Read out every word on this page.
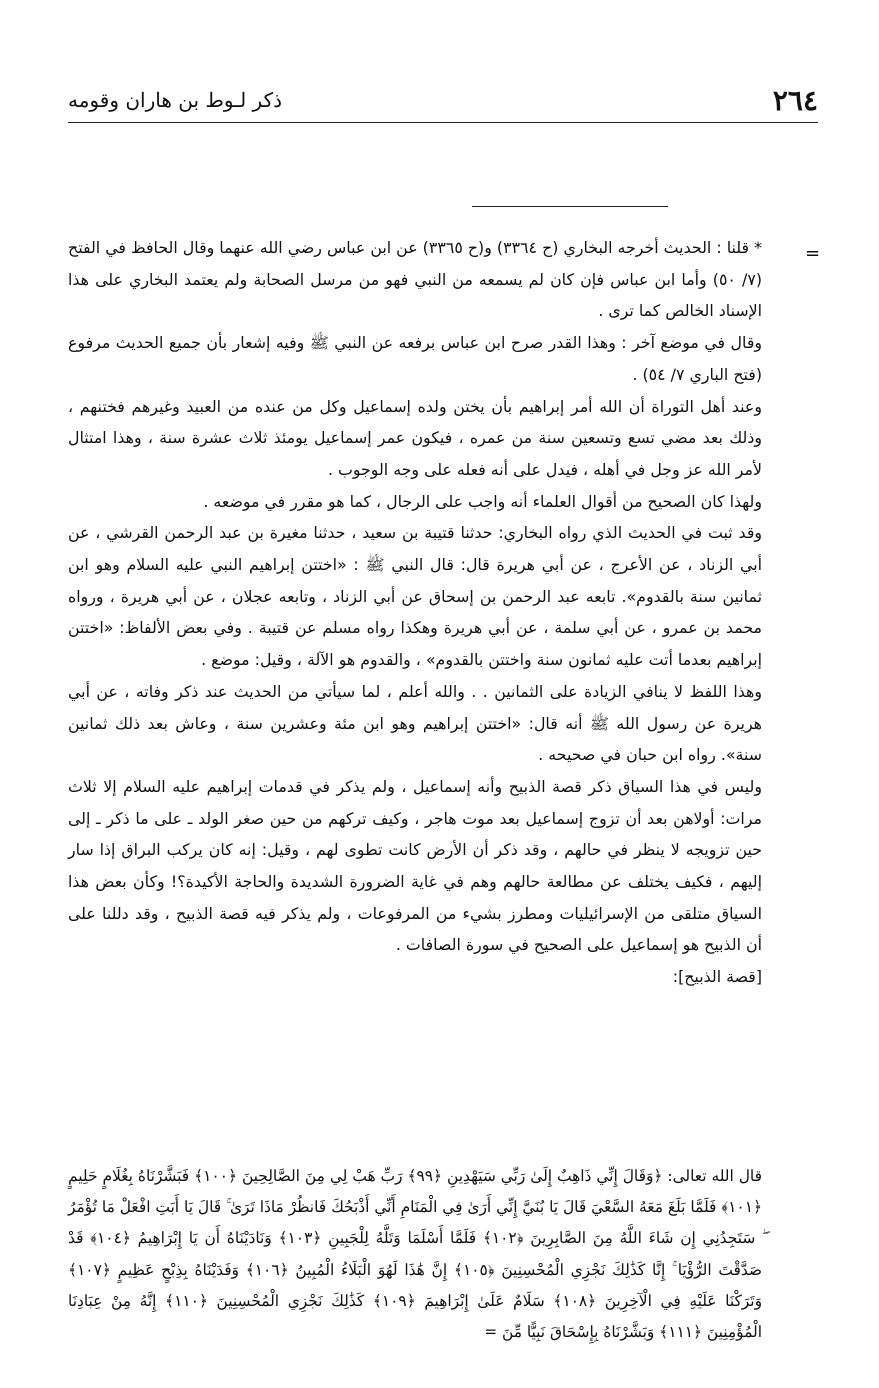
٢٦٤
ذكر لـوط بن هاران وقومه
=

* قلنا : الحديث أخرجه البخاري (ح ٣٣٦٤) و(ح ٣٣٦٥) عن ابن عباس رضي الله عنهما وقال الحافظ في الفتح (٧/ ٥٠) وأما ابن عباس فإن كان لم يسمعه من النبي فهو من مرسل الصحابة ولم يعتمد البخاري على هذا الإسناد الخالص كما ترى .

وقال في موضع آخر : وهذا القدر صرح ابن عباس برفعه عن النبي ﷺ وفيه إشعار بأن جميع الحديث مرفوع (فتح الباري ٧/ ٥٤) .

وعند أهل التوراة أن الله أمر إبراهيم بأن يختن ولده إسماعيل وكل من عنده من العبيد وغيرهم فختنهم ، وذلك بعد مضي تسع وتسعين سنة من عمره ، فيكون عمر إسماعيل يومئذ ثلاث عشرة سنة ، وهذا امتثال لأمر الله عز وجل في أهله ، فيدل على أنه فعله على وجه الوجوب .

ولهذا كان الصحيح من أقوال العلماء أنه واجب على الرجال ، كما هو مقرر في موضعه .

وقد ثبت في الحديث الذي رواه البخاري: حدثنا قتيبة بن سعيد ، حدثنا مغيرة بن عبد الرحمن القرشي ، عن أبي الزناد ، عن الأعرج ، عن أبي هريرة قال: قال النبي ﷺ : «اختتن إبراهيم النبي عليه السلام وهو ابن ثمانين سنة بالقدوم». تابعه عبد الرحمن بن إسحاق عن أبي الزناد ، وتابعه عجلان ، عن أبي هريرة ، ورواه محمد بن عمرو ، عن أبي سلمة ، عن أبي هريرة وهكذا رواه مسلم عن قتيبة . وفي بعض الألفاظ: «اختتن إبراهيم بعدما أتت عليه ثمانون سنة واختتن بالقدوم» ، والقدوم هو الآلة ، وقيل: موضع .

وهذا اللفظ لا ينافي الزيادة على الثمانين . . والله أعلم ، لما سيأتي من الحديث عند ذكر وفاته ، عن أبي هريرة عن رسول الله ﷺ أنه قال: «اختتن إبراهيم وهو ابن مئة وعشرين سنة ، وعاش بعد ذلك ثمانين سنة». رواه ابن حبان في صحيحه .

وليس في هذا السياق ذكر قصة الذبيح وأنه إسماعيل ، ولم يذكر في قدمات إبراهيم عليه السلام إلا ثلاث مرات: أولاهن بعد أن تزوج إسماعيل بعد موت هاجر ، وكيف تركهم من حين صغر الولد ـ على ما ذكر ـ إلى حين تزويجه لا ينظر في حالهم ، وقد ذكر أن الأرض كانت تطوى لهم ، وقيل: إنه كان يركب البراق إذا سار إليهم ، فكيف يختلف عن مطالعة حالهم وهم في غاية الضرورة الشديدة والحاجة الأكيدة؟! وكأن بعض هذا السياق متلقى من الإسرائيليات ومطرز بشيء من المرفوعات ، ولم يذكر فيه قصة الذبيح ، وقد دللنا على أن الذبيح هو إسماعيل على الصحيح في سورة الصافات .

[قصة الذبيح]:

قال الله تعالى: ﴿وَقَالَ إِنِّي ذَاهِبٌ إِلَىٰ رَبِّي سَيَهْدِينِ ﴿٩٩﴾ رَبِّ هَبْ لِي مِنَ الصَّالِحِينَ ﴿١٠٠﴾ فَبَشَّرْنَاهُ بِغُلَامٍ حَلِيمٍ ﴿١٠١﴾ فَلَمَّا بَلَغَ مَعَهُ السَّعْيَ قَالَ يَا بُنَيَّ إِنِّي أَرَىٰ فِي الْمَنَامِ أَنِّي أَذْبَحُكَ فَانظُرْ مَاذَا تَرَىٰ ۚ قَالَ يَا أَبَتِ افْعَلْ مَا تُؤْمَرُ ۖ سَتَجِدُنِي إِن شَاءَ اللَّهُ مِنَ الصَّابِرِينَ ﴿١٠٢﴾ فَلَمَّا أَسْلَمَا وَتَلَّهُ لِلْجَبِينِ ﴿١٠٣﴾ وَنَادَيْنَاهُ أَن يَا إِبْرَاهِيمُ ﴿١٠٤﴾ قَدْ صَدَّقْتَ الرُّؤْيَا ۚ إِنَّا كَذَٰلِكَ نَجْزِي الْمُحْسِنِينَ ﴿١٠٥﴾ إِنَّ هَٰذَا لَهُوَ الْبَلَاءُ الْمُبِينُ ﴿١٠٦﴾ وَفَدَيْنَاهُ بِذِبْحٍ عَظِيمٍ ﴿١٠٧﴾ وَتَرَكْنَا عَلَيْهِ فِي الْآخِرِينَ ﴿١٠٨﴾ سَلَامٌ عَلَىٰ إِبْرَاهِيمَ ﴿١٠٩﴾ كَذَٰلِكَ نَجْزِي الْمُحْسِنِينَ ﴿١١٠﴾ إِنَّهُ مِنْ عِبَادِنَا الْمُؤْمِنِينَ ﴿١١١﴾ وَبَشَّرْنَاهُ بِإِسْحَاقَ نَبِيًّا مِّنَ =
